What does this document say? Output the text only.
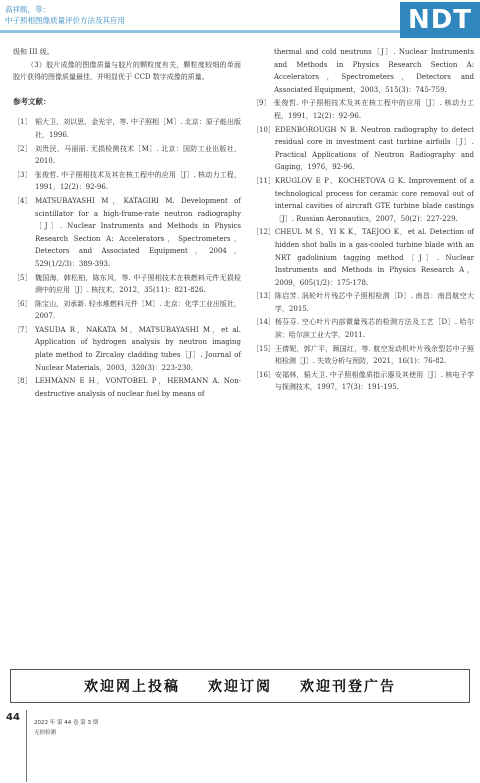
高祥熙，等：
中子照相图像质量评价方法及其应用	NDT

级和 III 级。

（3）胶片成像的图像质量与胶片的颗粒度有关，颗粒度较细的单面胶片获得的图像质量最佳，并明显优于 CCD 数字成像的质量。

参考文献：
［1］ 韬大卫，刘以思，金光宇，等. 中子照相［M］. 北京：原子能出版社，1996.
［2］ 刘贵民，马丽丽. 无损检测技术［M］. 北京：国防工业出版社，2010.
［3］ 张俊哲. 中子照相技术及其在核工程中的应用［J］. 核动力工程，1991，12(2)：92-96.
［4］ MATSUBAYASHI M，KATAGIRI M. Development of scintillator for a high-frame-rate neutron radiography［J］. Nuclear Instruments and Methods in Physics Research Section A: Accelerators，Spectrometers，Detectors and Associated Equipment，2004，529(1/2/3)：389-393.
［5］ 魏国海，韩松柏，陈东风，等. 中子照相技术在核燃料元件无损检测中的应用［J］. 核技术，2012，35(11)：821-826.
［6］ 陈宝山，刘承新. 轻水堆燃料元件［M］. 北京：化学工业出版社，2007.
［7］ YASUDA R，NAKATA M，MATSUBAYASHI M，et al. Application of hydrogen analysis by neutron imaging plate method to Zircaloy cladding tubes［J］. Journal of Nuclear Materials，2003，320(3)：223-230.
［8］ LEHMANN E H，VONTOBEL P，HERMANN A. Non-destructive analysis of nuclear fuel by means of
thermal and cold neutrons［J］. Nuclear Instruments and Methods in Physics Research Section A: Accelerators，Spectrometers，Detectors and Associated Equipment，2003，515(3)：745-759.
［9］ 张俊哲. 中子照相技术及其在核工程中的应用［J］. 核动力工程，1991，12(2)：92-96.
［10］ EDENBOROUGH N B. Neutron radiography to detect residual core in investment cast turbine airfoils［J］. Practical Applications of Neutron Radiography and Gaging，1976，92-96.
［11］ KRUGLOV E P，KOCHETOVA G K. Improvement of a technological process for ceramic core removal out of internal cavities of aircraft GTE turbine blade castings［J］. Russian Aeronautics，2007，50(2)：227-229.
［12］ CHEUL M S，YI K K，TAEJOO K，et al. Detection of hidden shot balls in a gas-cooled turbine blade with an NRT gadolinium tagging method［J］. Nuclear Instruments and Methods in Physics Research A，2009，605(1/2)：175-178.
［13］ 陈启芳. 涡轮叶片残芯中子照相检测［D］. 南昌：南昌航空大学，2015.
［14］ 杨芬芬. 空心叶片内部微量残芯的检测方法及工艺［D］. 哈尔滨：哈尔滨工业大学，2011.
［15］ 王倩妮，郭广平，顾国红，等. 航空发动机叶片残余型芯中子照相检测［J］. 失效分析与预防，2021，16(1)：76-82.
［16］ 安福林，韬大卫. 中子照相像质指示器及其使用［J］. 核电子学与探测技术，1997，17(3)：191-195.
欢迎网上投稿 欢迎订阅 欢迎刊登广告
44	2022 年 第 44 卷 第 3 期
无损检测
